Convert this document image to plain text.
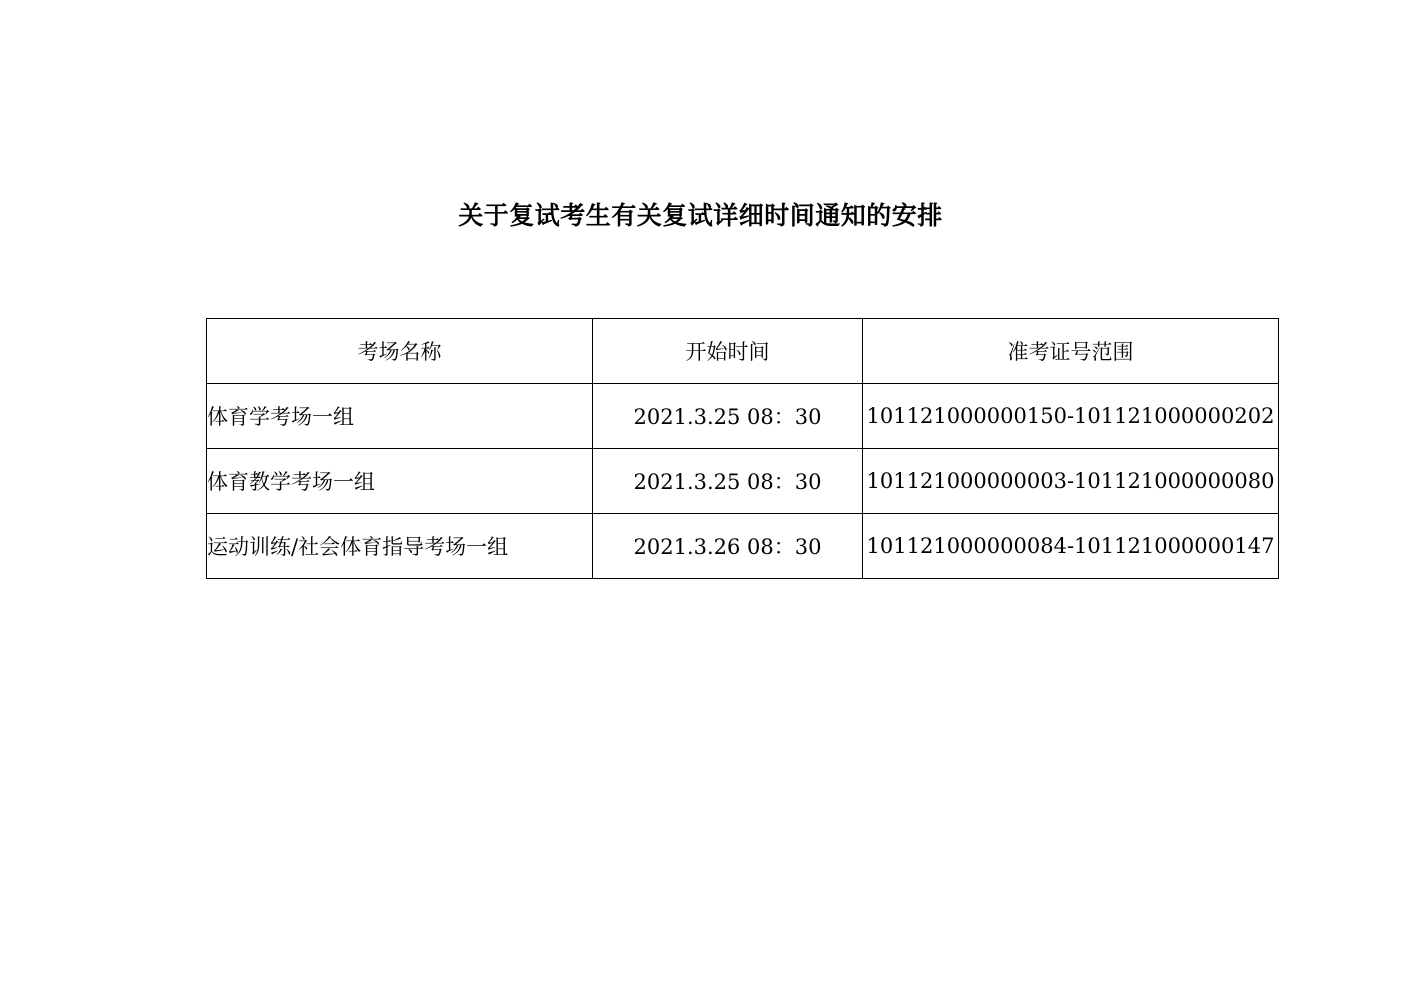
关于复试考生有关复试详细时间通知的安排
考场名称	开始时间	准考证号范围

体育学考场一组	2021.3.25 08：30	101121000000150-101121000000202
体育教学考场一组	2021.3.25 08：30	101121000000003-101121000000080
运动训练/社会体育指导考场一组	2021.3.26 08：30	101121000000084-101121000000147
